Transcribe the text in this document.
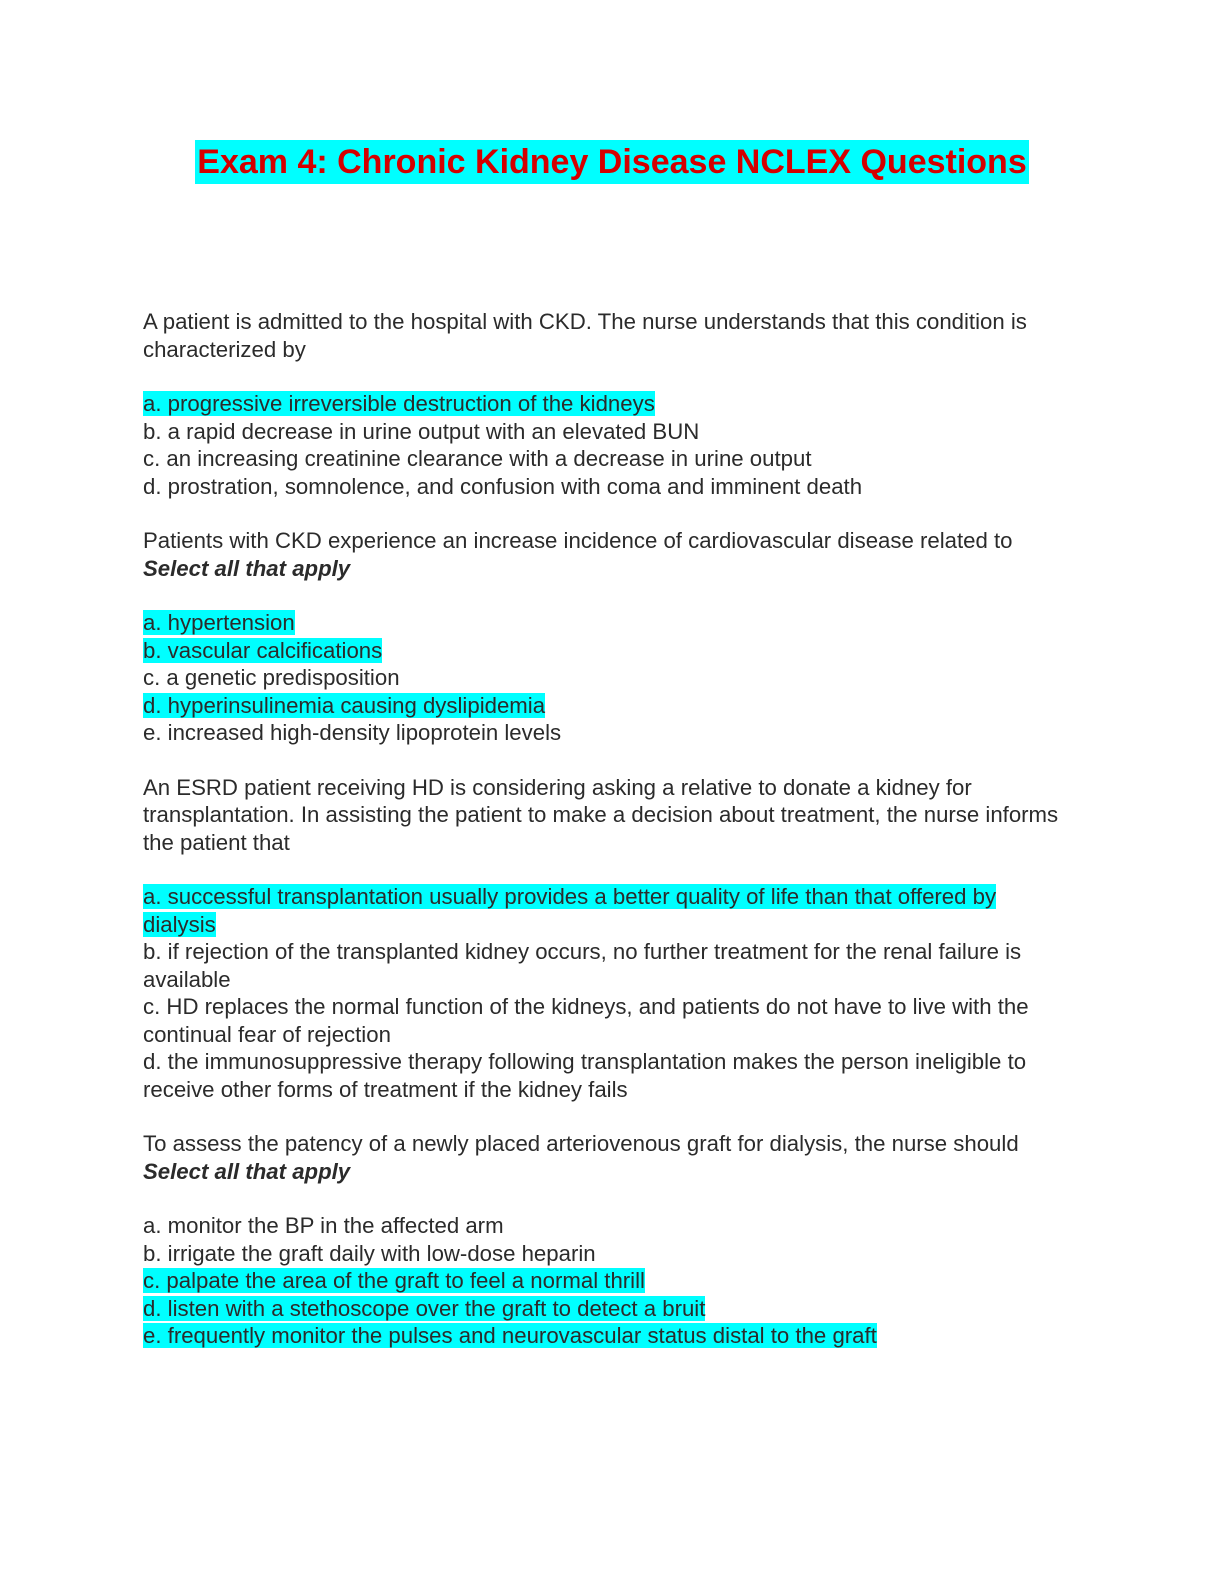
Exam 4: Chronic Kidney Disease NCLEX Questions
A patient is admitted to the hospital with CKD. The nurse understands that this condition is characterized by
a. progressive irreversible destruction of the kidneys
b. a rapid decrease in urine output with an elevated BUN
c. an increasing creatinine clearance with a decrease in urine output
d. prostration, somnolence, and confusion with coma and imminent death
Patients with CKD experience an increase incidence of cardiovascular disease related to Select all that apply
a. hypertension
b. vascular calcifications
c. a genetic predisposition
d. hyperinsulinemia causing dyslipidemia
e. increased high-density lipoprotein levels
An ESRD patient receiving HD is considering asking a relative to donate a kidney for transplantation. In assisting the patient to make a decision about treatment, the nurse informs the patient that
a. successful transplantation usually provides a better quality of life than that offered by dialysis
b. if rejection of the transplanted kidney occurs, no further treatment for the renal failure is available
c. HD replaces the normal function of the kidneys, and patients do not have to live with the continual fear of rejection
d. the immunosuppressive therapy following transplantation makes the person ineligible to receive other forms of treatment if the kidney fails
To assess the patency of a newly placed arteriovenous graft for dialysis, the nurse should Select all that apply
a. monitor the BP in the affected arm
b. irrigate the graft daily with low-dose heparin
c. palpate the area of the graft to feel a normal thrill
d. listen with a stethoscope over the graft to detect a bruit
e. frequently monitor the pulses and neurovascular status distal to the graft
